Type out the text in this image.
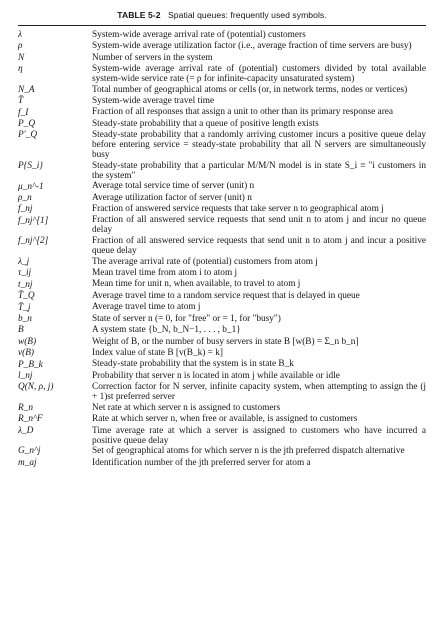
TABLE 5-2 Spatial queues: frequently used symbols.
λ	System-wide average arrival rate of (potential) customers
ρ	System-wide average utilization factor (i.e., average fraction of time servers are busy)
N	Number of servers in the system
η	System-wide average arrival rate of (potential) customers divided by total available system-wide service rate (= ρ for infinite-capacity unsaturated system)
N_A	Total number of geographical atoms or cells (or, in network terms, nodes or vertices)
T̄	System-wide average travel time
f_I	Fraction of all responses that assign a unit to other than its primary response area
P_Q	Steady-state probability that a queue of positive length exists
P'_Q	Steady-state probability that a randomly arriving customer incurs a positive queue delay before entering service = steady-state probability that all N servers are simultaneously busy
P{S_i}	Steady-state probability that a particular M/M/N model is in state S_i ≡ "i customers in the system"
μ_n^-1	Average total service time of server (unit) n
ρ_n	Average utilization factor of server (unit) n
f_nj	Fraction of answered service requests that take server n to geographical atom j
f_nj^[1]	Fraction of all answered service requests that send unit n to atom j and incur no queue delay
f_nj^[2]	Fraction of all answered service requests that send unit n to atom j and incur a positive queue delay
λ_j	The average arrival rate of (potential) customers from atom j
τ_ij	Mean travel time from atom i to atom j
t_nj	Mean time for unit n, when available, to travel to atom j
T̄_Q	Average travel time to a random service request that is delayed in queue
T̄_j	Average travel time to atom j
b_n	State of server n (= 0, for "free" or = 1, for "busy")
B	A system state {b_N, b_N−1, . . . , b_1}
w(B)	Weight of B, or the number of busy servers in state B [w(B) = Σ_n b_n]
v(B)	Index value of state B [v(B_k) = k]
P_B_k	Steady-state probability that the system is in state B_k
l_nj	Probability that server n is located in atom j while available or idle
Q(N, ρ, j)	Correction factor for N server, infinite capacity system, when attempting to assign the (j + 1)st preferred server
R_n	Net rate at which server n is assigned to customers
R_n^F	Rate at which server n, when free or available, is assigned to customers
λ_D	Time average rate at which a server is assigned to customers who have incurred a positive queue delay
G_n^j	Set of geographical atoms for which server n is the jth preferred dispatch alternative
m_aj	Identification number of the jth preferred server for atom a
